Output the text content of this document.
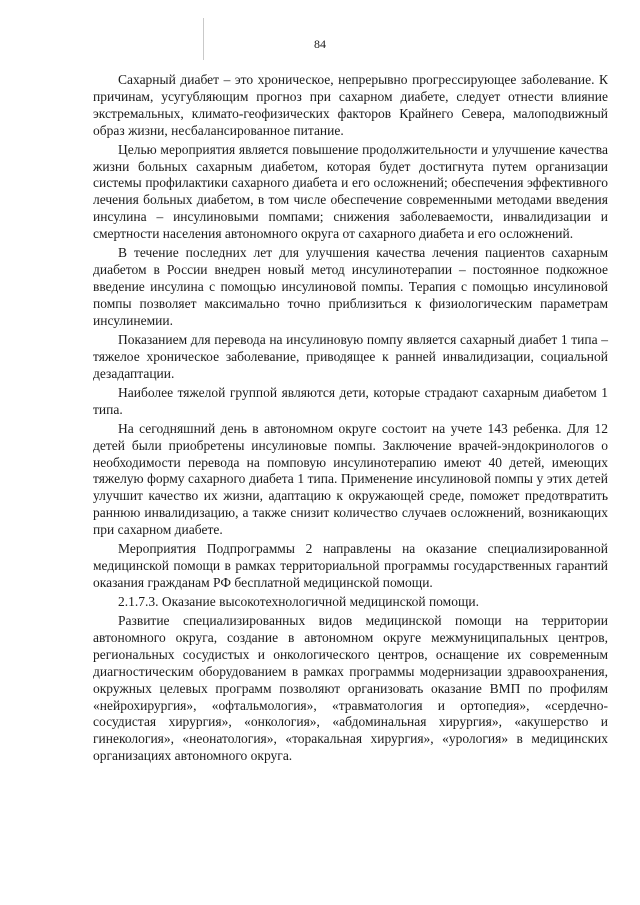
84

Сахарный диабет – это хроническое, непрерывно прогрессирующее заболевание. К причинам, усугубляющим прогноз при сахарном диабете, следует отнести влияние экстремальных, климато-геофизических факторов Крайнего Севера, малоподвижный образ жизни, несбалансированное питание.

Целью мероприятия является повышение продолжительности и улучшение качества жизни больных сахарным диабетом, которая будет достигнута путем организации системы профилактики сахарного диабета и его осложнений; обеспечения эффективного лечения больных диабетом, в том числе обеспечение современными методами введения инсулина – инсулиновыми помпами; снижения заболеваемости, инвалидизации и смертности населения автономного округа от сахарного диабета и его осложнений.

В течение последних лет для улучшения качества лечения пациентов сахарным диабетом в России внедрен новый метод инсулинотерапии – постоянное подкожное введение инсулина с помощью инсулиновой помпы. Терапия с помощью инсулиновой помпы позволяет максимально точно приблизиться к физиологическим параметрам инсулинемии.

Показанием для перевода на инсулиновую помпу является сахарный диабет 1 типа – тяжелое хроническое заболевание, приводящее к ранней инвалидизации, социальной дезадаптации.

Наиболее тяжелой группой являются дети, которые страдают сахарным диабетом 1 типа.

На сегодняшний день в автономном округе состоит на учете 143 ребенка. Для 12 детей были приобретены инсулиновые помпы. Заключение врачей-эндокринологов о необходимости перевода на помповую инсулинотерапию имеют 40 детей, имеющих тяжелую форму сахарного диабета 1 типа. Применение инсулиновой помпы у этих детей улучшит качество их жизни, адаптацию к окружающей среде, поможет предотвратить раннюю инвалидизацию, а также снизит количество случаев осложнений, возникающих при сахарном диабете.

Мероприятия Подпрограммы 2 направлены на оказание специализированной медицинской помощи в рамках территориальной программы государственных гарантий оказания гражданам РФ бесплатной медицинской помощи.

2.1.7.3. Оказание высокотехнологичной медицинской помощи.

Развитие специализированных видов медицинской помощи на территории автономного округа, создание в автономном округе межмуниципальных центров, региональных сосудистых и онкологического центров, оснащение их современным диагностическим оборудованием в рамках программы модернизации здравоохранения, окружных целевых программ позволяют организовать оказание ВМП по профилям «нейрохирургия», «офтальмология», «травматология и ортопедия», «сердечно-сосудистая хирургия», «онкология», «абдоминальная хирургия», «акушерство и гинекология», «неонатология», «торакальная хирургия», «урология» в медицинских организациях автономного округа.
